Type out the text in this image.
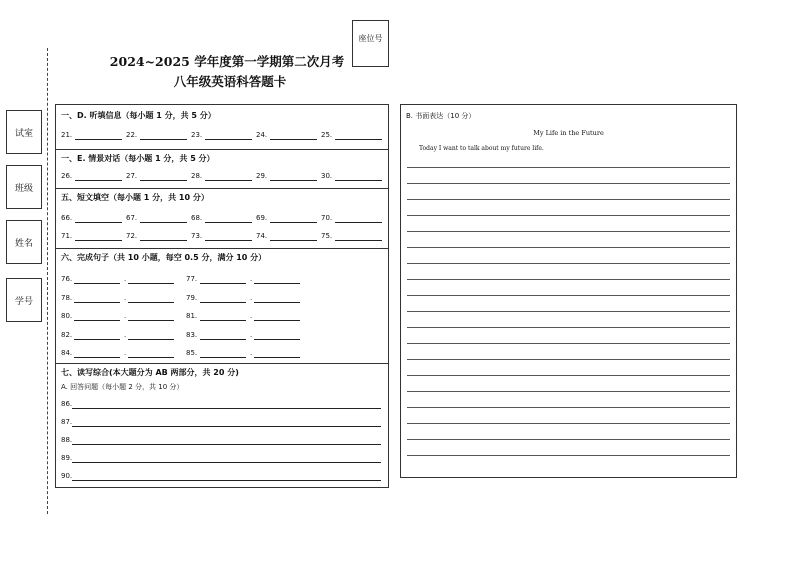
试室
班级
姓名
学号
座位号
2024~2025 学年度第一学期第二次月考
八年级英语科答题卡
一、D. 听填信息（每小题 1 分，共 5 分）
21.	22.	23.	24.	25.
一、E. 情景对话（每小题 1 分，共 5 分）
26.	27.	28.	29.	30.
五、短文填空（每小题 1 分，共 10 分）
66.	67.	68.	69.	70.
71.	72.	73.	74.	75.
六、完成句子（共 10 小题，每空 0.5 分，满分 10 分）
76.	.	77.	.
78.	.	79.	.
80.	.	81.	.
82.	.	83.	.
84.	.	85.	.
七、读写综合(本大题分为 AB 两部分，共 20 分)
A. 回答问题（每小题 2 分，共 10 分）
86.
87.
88.
89.
90.
B. 书面表达（10 分）
My Life in the Future
Today I want to talk about my future life.
